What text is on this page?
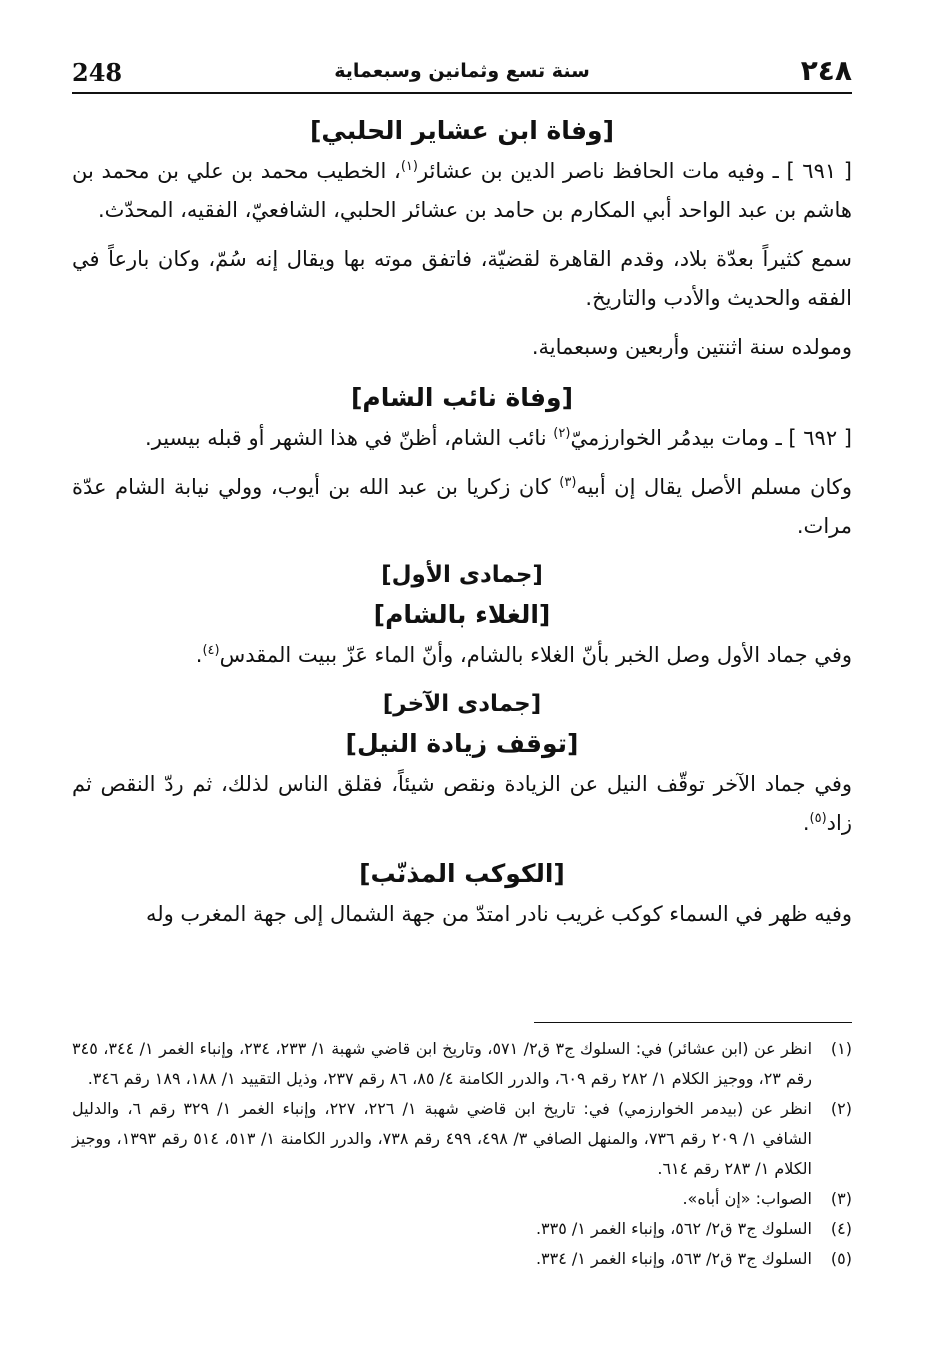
248	سنة تسع وثمانين وسبعماية	٢٤٨

[وفاة ابن عشاير الحلبي]

[ ٦٩١ ] ـ وفيه مات الحافظ ناصر الدين بن عشائر$^{(١)}$، الخطيب محمد بن علي بن محمد بن هاشم بن عبد الواحد أبي المكارم بن حامد بن عشائر الحلبي، الشافعيّ، الفقيه، المحدّث.

سمع كثيراً بعدّة بلاد، وقدم القاهرة لقضيّة، فاتفق موته بها ويقال إنه سُمّ، وكان بارعاً في الفقه والحديث والأدب والتاريخ.

ومولده سنة اثنتين وأربعين وسبعماية.

[وفاة نائب الشام]

[ ٦٩٢ ] ـ ومات بيدمُر الخوارزميّ$^{(٢)}$ نائب الشام، أظنّ في هذا الشهر أو قبله بيسير.

وكان مسلم الأصل يقال إن أبيه$^{(٣)}$ كان زكريا بن عبد الله بن أيوب، وولي نيابة الشام عدّة مرات.

[جمادى الأول]

[الغلاء بالشام]

وفي جماد الأول وصل الخبر بأنّ الغلاء بالشام، وأنّ الماء عَزّ ببيت المقدس$^{(٤)}$.

[جمادى الآخر]

[توقف زيادة النيل]

وفي جماد الآخر توقّف النيل عن الزيادة ونقص شيئاً، فقلق الناس لذلك، ثم ردّ النقص ثم زاد$^{(٥)}$.

[الكوكب المذنّب]

وفيه ظهر في السماء كوكب غريب نادر امتدّ من جهة الشمال إلى جهة المغرب وله

(١)
انظر عن (ابن عشائر) في: السلوك ج٣ ق٢/ ٥٧١، وتاريخ ابن قاضي شهبة ١/ ٢٣٣، ٢٣٤، وإنباء الغمر ١/ ٣٤٤، ٣٤٥ رقم ٢٣، ووجيز الكلام ١/ ٢٨٢ رقم ٦٠٩، والدرر الكامنة ٤/ ٨٥، ٨٦ رقم ٢٣٧، وذيل التقييد ١/ ١٨٨، ١٨٩ رقم ٣٤٦.
(٢)
انظر عن (بيدمر الخوارزمي) في: تاريخ ابن قاضي شهبة ١/ ٢٢٦، ٢٢٧، وإنباء الغمر ١/ ٣٢٩ رقم ٦، والدليل الشافي ١/ ٢٠٩ رقم ٧٣٦، والمنهل الصافي ٣/ ٤٩٨، ٤٩٩ رقم ٧٣٨، والدرر الكامنة ١/ ٥١٣، ٥١٤ رقم ١٣٩٣، ووجيز الكلام ١/ ٢٨٣ رقم ٦١٤.
(٣)
الصواب: «إن أباه».
(٤)
السلوك ج٣ ق٢/ ٥٦٢، وإنباء الغمر ١/ ٣٣٥.
(٥)
السلوك ج٣ ق٢/ ٥٦٣، وإنباء الغمر ١/ ٣٣٤.
